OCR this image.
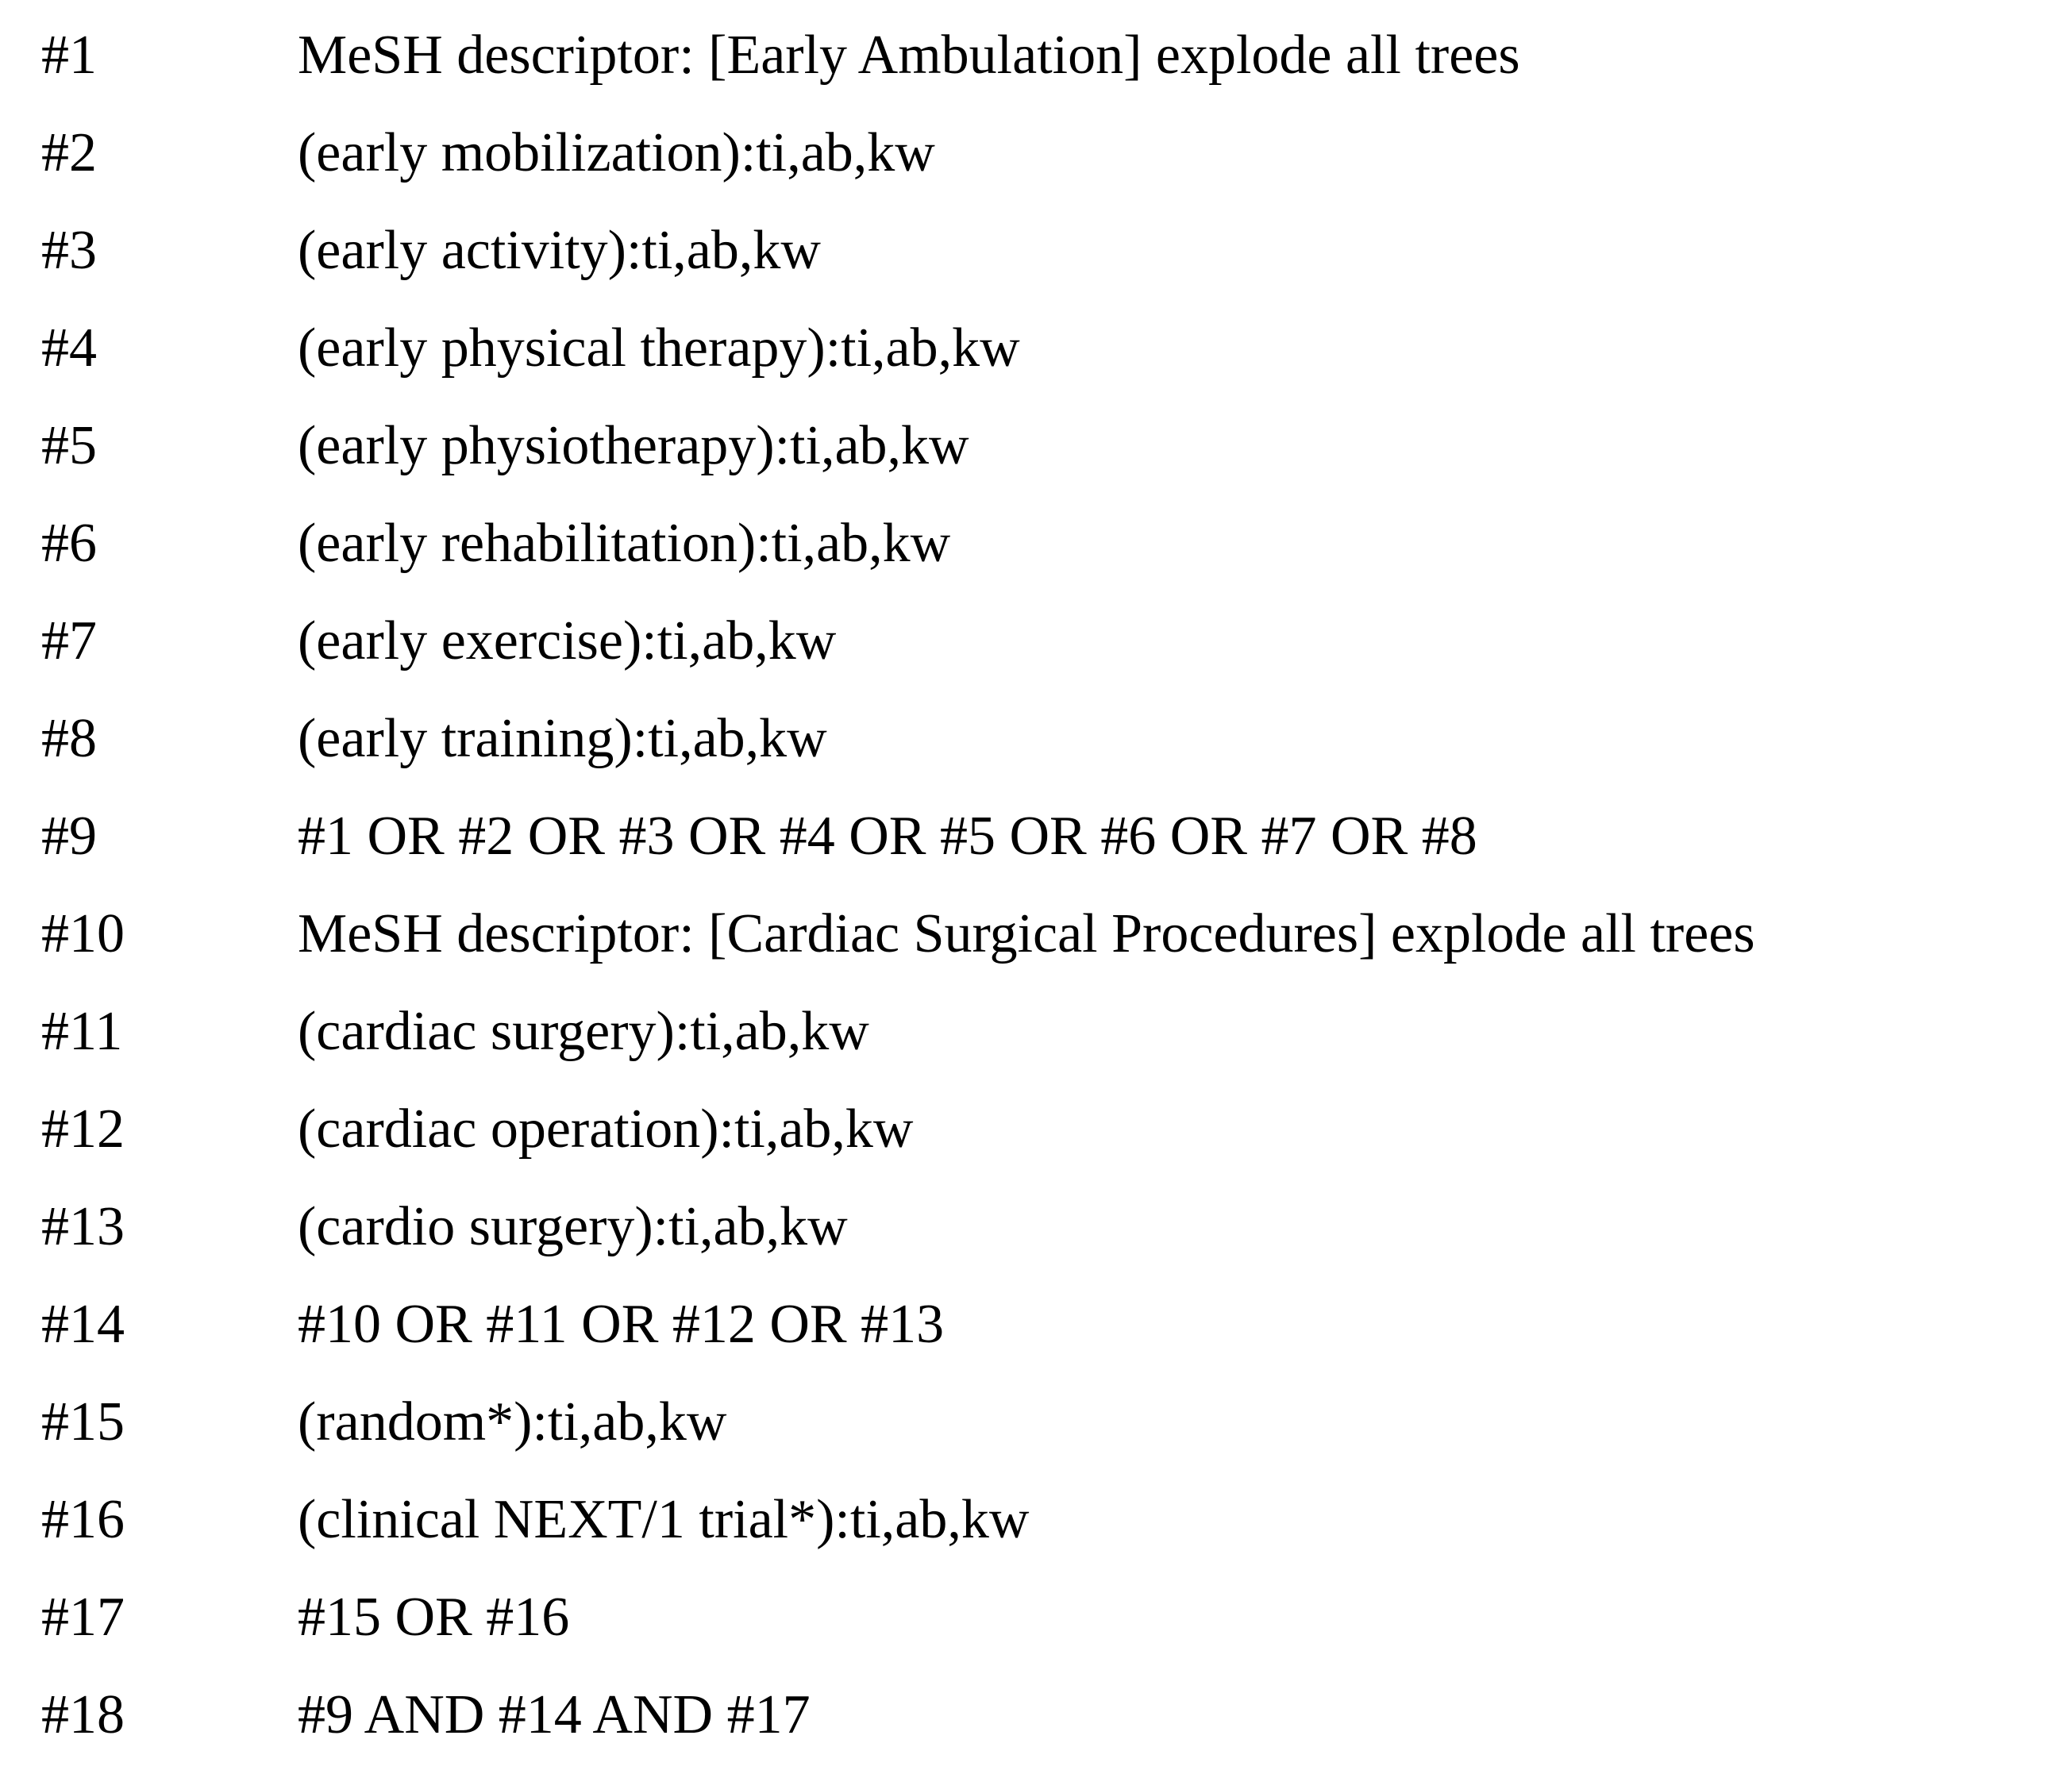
#1	MeSH descriptor: [Early Ambulation] explode all trees
#2	(early mobilization):ti,ab,kw
#3	(early activity):ti,ab,kw
#4	(early physical therapy):ti,ab,kw
#5	(early physiotherapy):ti,ab,kw
#6	(early rehabilitation):ti,ab,kw
#7	(early exercise):ti,ab,kw
#8	(early training):ti,ab,kw
#9	#1 OR #2 OR #3 OR #4 OR #5 OR #6 OR #7 OR #8
#10	MeSH descriptor: [Cardiac Surgical Procedures] explode all trees
#11	(cardiac surgery):ti,ab,kw
#12	(cardiac operation):ti,ab,kw
#13	(cardio surgery):ti,ab,kw
#14	#10 OR #11 OR #12 OR #13
#15	(random*):ti,ab,kw
#16	(clinical NEXT/1 trial*):ti,ab,kw
#17	#15 OR #16
#18	#9 AND #14 AND #17
